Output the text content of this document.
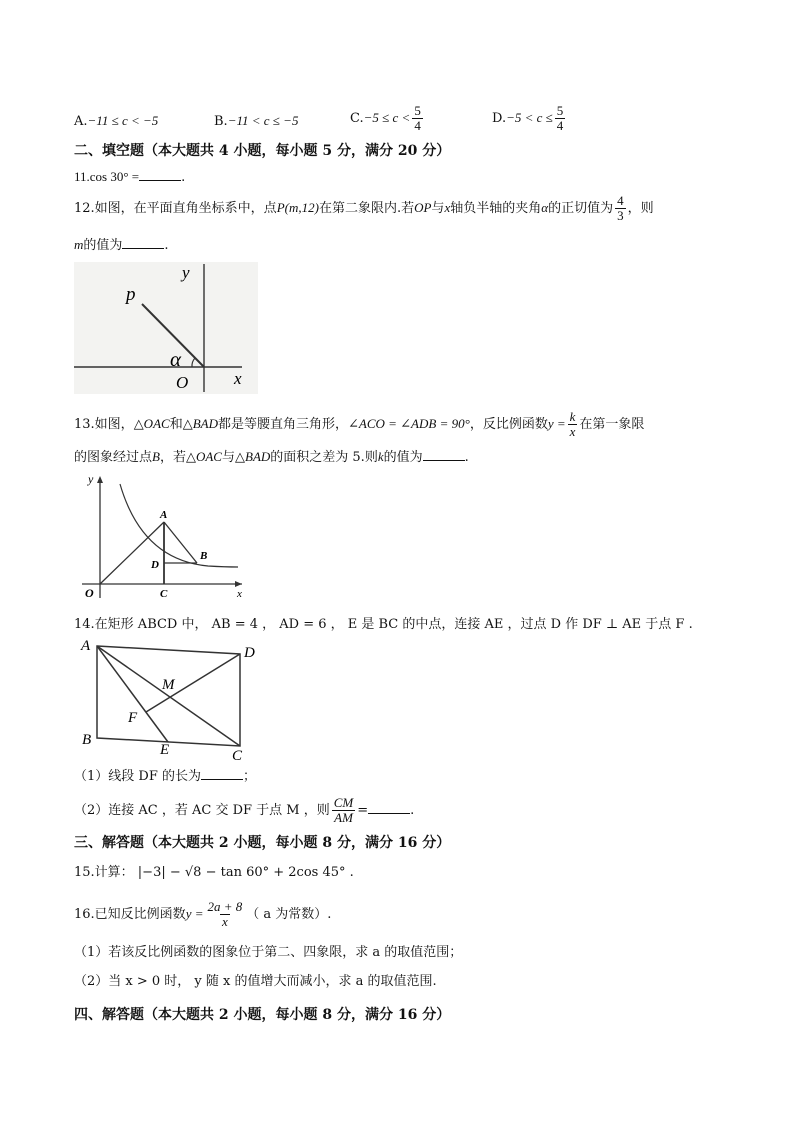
A.−11 ≤ c < −5	B.−11 < c ≤ −5	$C.-5 \le c < \frac{5}{4}$	$D.-5 < c \le \frac{5}{4}$
二、填空题（本大题共 4 小题，每小题 5 分，满分 20 分）
11.cos 30° =	.
12.如图，在平面直角坐标系中，点P(m,12)在第二象限内.若OP与x轴负半轴的夹角α的正切值为 $\frac{4}{3}$ ，则
m的值为	.
p
y
α
O	x
13.如图，△OAC和△BAD都是等腰直角三角形，∠ACO = ∠ADB = 90°，反比例函数$y = \frac{k}{x}$ 在第一象限
的图象经过点B，若△OAC与△BAD的面积之差为 5.则k的值为	.
y
A
B
D
C
O	x
14.在矩形 ABCD 中， AB = 4 ， AD = 6 ， E 是 BC 的中点，连接 AE ，过点 D 作 DF ⊥ AE 于点 F .
A	D
M
F
B
E	C
（1）线段 DF 的长为	；
（2）连接 AC ，若 AC 交 DF 于点 M ，则 $\frac{CM}{AM}$ =	.
三、解答题（本大题共 2 小题，每小题 8 分，满分 16 分）
15.计算： |−3| − √8 − tan 60° + 2cos 45° .
16.已知反比例函数$y = \frac{2a + 8}{x}$ （ a 为常数）.
（1）若该反比例函数的图象位于第二、四象限，求 a 的取值范围；
（2）当 x > 0 时， y 随 x 的值增大而减小，求 a 的取值范围.
四、解答题（本大题共 2 小题，每小题 8 分，满分 16 分）
